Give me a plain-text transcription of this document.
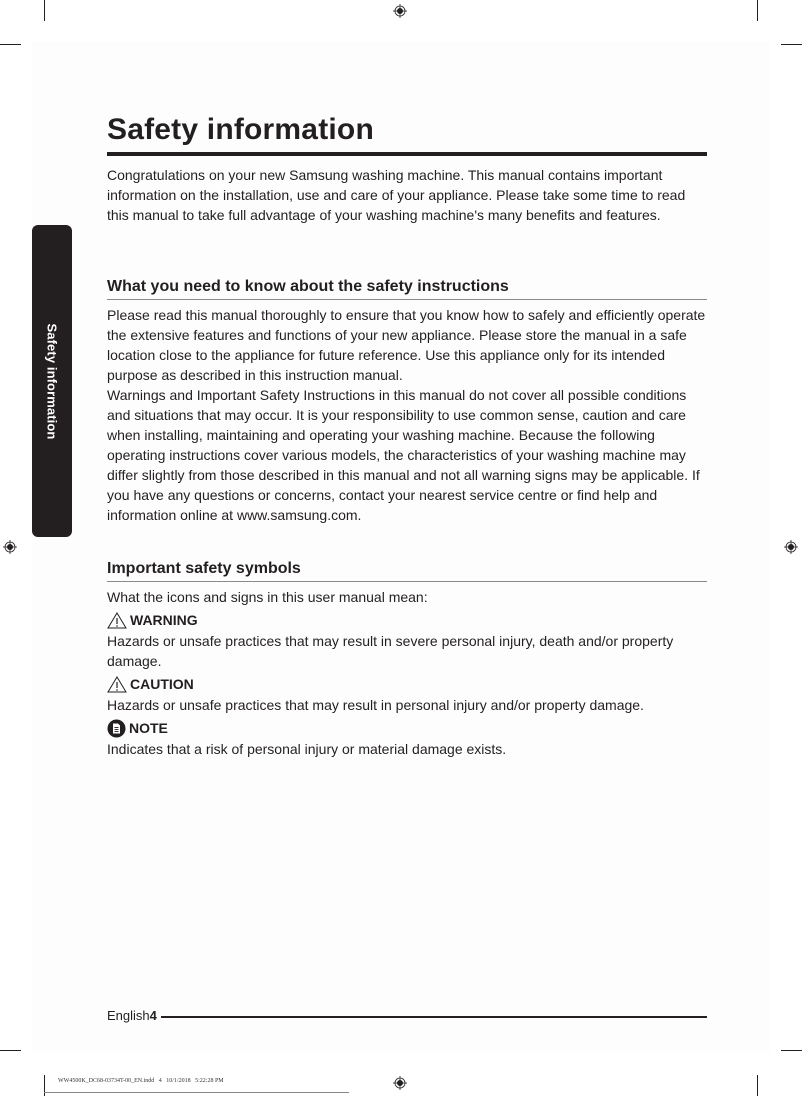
Safety information
Safety information

Congratulations on your new Samsung washing machine. This manual contains important information on the installation, use and care of your appliance. Please take some time to read this manual to take full advantage of your washing machine's many benefits and features.

What you need to know about the safety instructions

Please read this manual thoroughly to ensure that you know how to safely and efficiently operate the extensive features and functions of your new appliance. Please store the manual in a safe location close to the appliance for future reference. Use this appliance only for its intended purpose as described in this instruction manual.

Warnings and Important Safety Instructions in this manual do not cover all possible conditions and situations that may occur. It is your responsibility to use common sense, caution and care when installing, maintaining and operating your washing machine. Because the following operating instructions cover various models, the characteristics of your washing machine may differ slightly from those described in this manual and not all warning signs may be applicable. If you have any questions or concerns, contact your nearest service centre or find help and information online at www.samsung.com.

Important safety symbols

What the icons and signs in this user manual mean:

WARNING

Hazards or unsafe practices that may result in severe personal injury, death and/or property damage.

CAUTION

Hazards or unsafe practices that may result in personal injury and/or property damage.

NOTE

Indicates that a risk of personal injury or material damage exists.

English 4
WW4500K_DC68-03734T-00_EN.indd   4   10/1/2018   5:22:28 PM
